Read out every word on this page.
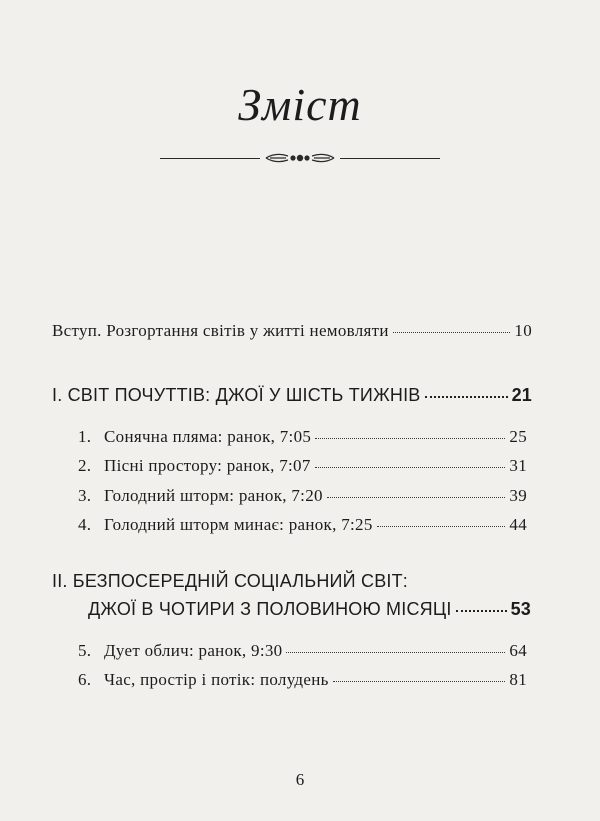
Зміст
Вступ. Розгортання світів у житті немовляти	10
I. СВІТ ПОЧУТТІВ: ДЖОЇ У ШІСТЬ ТИЖНІВ	21
1. Сонячна пляма: ранок, 7:05	25
2. Пісні простору: ранок, 7:07	31
3. Голодний шторм: ранок, 7:20	39
4. Голодний шторм минає: ранок, 7:25	44
II. БЕЗПОСЕРЕДНІЙ СОЦІАЛЬНИЙ СВІТ:
ДЖОЇ В ЧОТИРИ З ПОЛОВИНОЮ МІСЯЦІ	53
5. Дует облич: ранок, 9:30	64
6. Час, простір і потік: полудень	81
6
